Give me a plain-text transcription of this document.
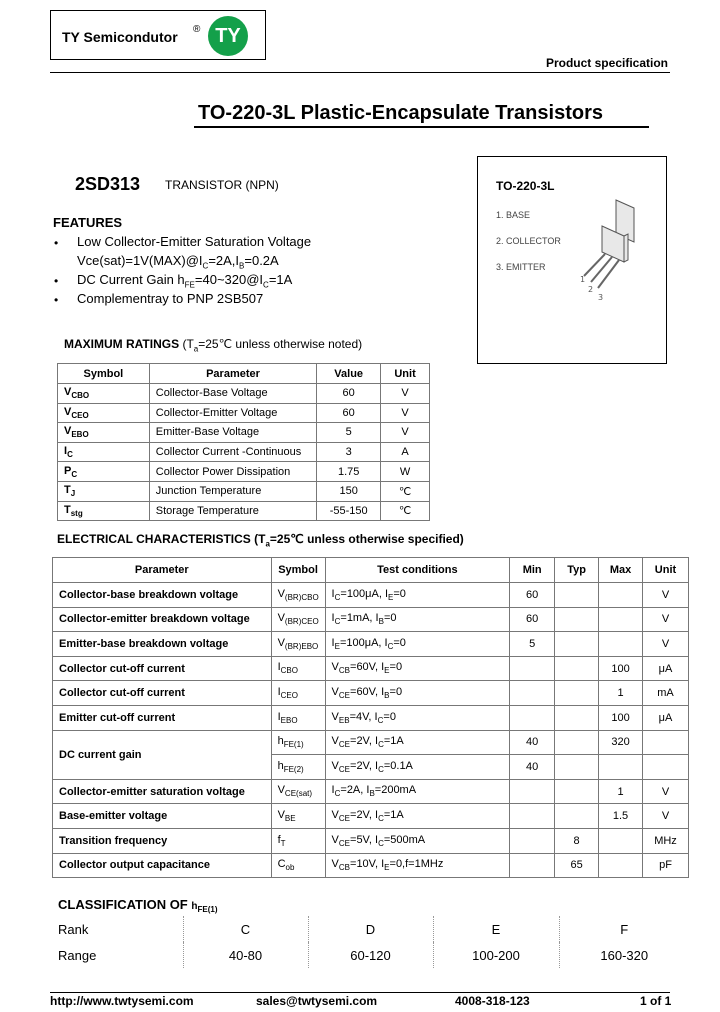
TY Semicondutor ® TY
Product specification
TO-220-3L Plastic-Encapsulate Transistors
2SD313 TRANSISTOR (NPN)	TO-220-3L
1. BASE
2. COLLECTOR
3. EMITTER
1
2
3
FEATURES
• Low Collector-Emitter Saturation Voltage
$Vce(sat)=1V(MAX)@I_C=2A,I_B=0.2A$
• DC Current Gain $h_{FE}=40\sim 320@I_C=1A$
• Complementray to PNP 2SB507
MAXIMUM RATINGS ($T_a=25℃$ unless otherwise noted)
Symbol	Parameter	Value	Unit
$V_{CBO}$	Collector-Base Voltage	60	V
$V_{CEO}$	Collector-Emitter Voltage	60	V
$V_{EBO}$	Emitter-Base Voltage	5	V
$I_C$	Collector Current -Continuous	3	A
$P_C$	Collector Power Dissipation	1.75	W
$T_J$	Junction Temperature	150	℃
$T_{stg}$	Storage Temperature	-55-150	℃
ELECTRICAL CHARACTERISTICS ($T_a=25℃$ unless otherwise specified)
Parameter	Symbol	Test conditions	Min	Typ	Max	Unit
Collector-base breakdown voltage	$V_{(BR)CBO}$	$I_C=100\mu A$, $I_E=0$	60			V
Collector-emitter breakdown voltage	$V_{(BR)CEO}$	$I_C=1mA$, $I_B=0$	60			V
Emitter-base breakdown voltage	$V_{(BR)EBO}$	$I_E=100\mu A$, $I_C=0$	5			V
Collector cut-off current	$I_{CBO}$	$V_{CB}=60V$, $I_E=0$			100	μA
Collector cut-off current	$I_{CEO}$	$V_{CE}=60V$, $I_B=0$			1	mA
Emitter cut-off current	$I_{EBO}$	$V_{EB}=4V$, $I_C=0$			100	μA
DC current gain	$h_{FE(1)}$	$V_{CE}=2V$, $I_C=1A$	40		320	
	$h_{FE(2)}$	$V_{CE}=2V$, $I_C=0.1A$	40			
Collector-emitter saturation voltage	$V_{CE(sat)}$	$I_C=2A$, $I_B=200mA$			1	V
Base-emitter voltage	$V_{BE}$	$V_{CE}=2V$, $I_C=1A$			1.5	V
Transition frequency	$f_T$	$V_{CE}=5V$, $I_C=500mA$		8		MHz
Collector output capacitance	$C_{ob}$	$V_{CB}=10V$, $I_E=0,f=1MHz$		65		pF
CLASSIFICATION OF $h_{FE(1)}$
Rank	C	D	E	F
Range	40-80	60-120	100-200	160-320
http://www.twtysemi.com	sales@twtysemi.com	4008-318-123	1 of 1
